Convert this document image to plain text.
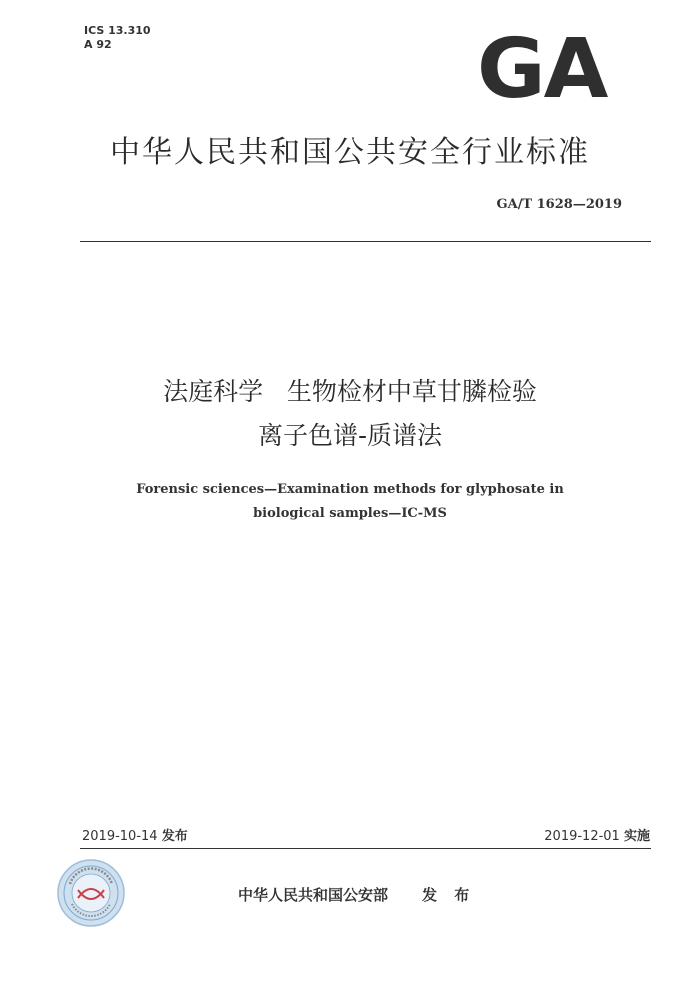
ICS 13.310
A 92	GA
中华人民共和国公共安全行业标准
GA/T 1628—2019
法庭科学   生物检材中草甘膦检验
离子色谱-质谱法
Forensic sciences—Examination methods for glyphosate in
biological samples—IC-MS
2019-10-14 发布	2019-12-01 实施
中华人民共和国公安部 发 布
